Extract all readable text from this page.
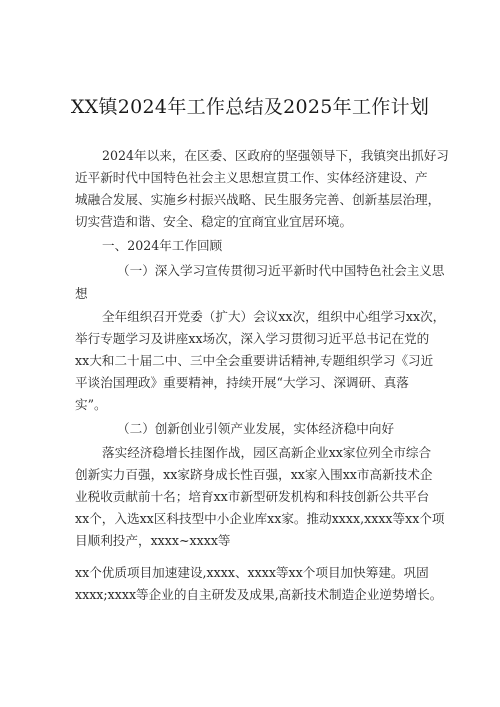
XX镇2024年工作总结及2025年工作计划
2024年以来，在区委、区政府的坚强领导下，我镇突出抓好习
近平新时代中国特色社会主义思想宣贯工作、实体经济建设、产
城融合发展、实施乡村振兴战略、民生服务完善、创新基层治理，
切实营造和谐、安全、稳定的宜商宜业宜居环境。
一、2024年工作回顾
（一）深入学习宣传贯彻习近平新时代中国特色社会主义思
想
全年组织召开党委（扩大）会议xx次，组织中心组学习xx次，
举行专题学习及讲座xx场次，深入学习贯彻习近平总书记在党的
xx大和二十届二中、三中全会重要讲话精神,专题组织学习《习近
平谈治国理政》重要精神，持续开展“大学习、深调研、真落
实”。
（二）创新创业引领产业发展，实体经济稳中向好
落实经济稳增长挂图作战，园区高新企业xx家位列全市综合
创新实力百强，xx家跻身成长性百强，xx家入围xx市高新技术企
业税收贡献前十名；培育xx市新型研发机构和科技创新公共平台
xx个，入选xx区科技型中小企业库xx家。推动xxxx,xxxx等xx个项
目顺利投产，xxxx~xxxx等
xx个优质项目加速建设,xxxx、xxxx等xx个项目加快筹建。巩固
xxxx;xxxx等企业的自主研发及成果,高新技术制造企业逆势增长。
